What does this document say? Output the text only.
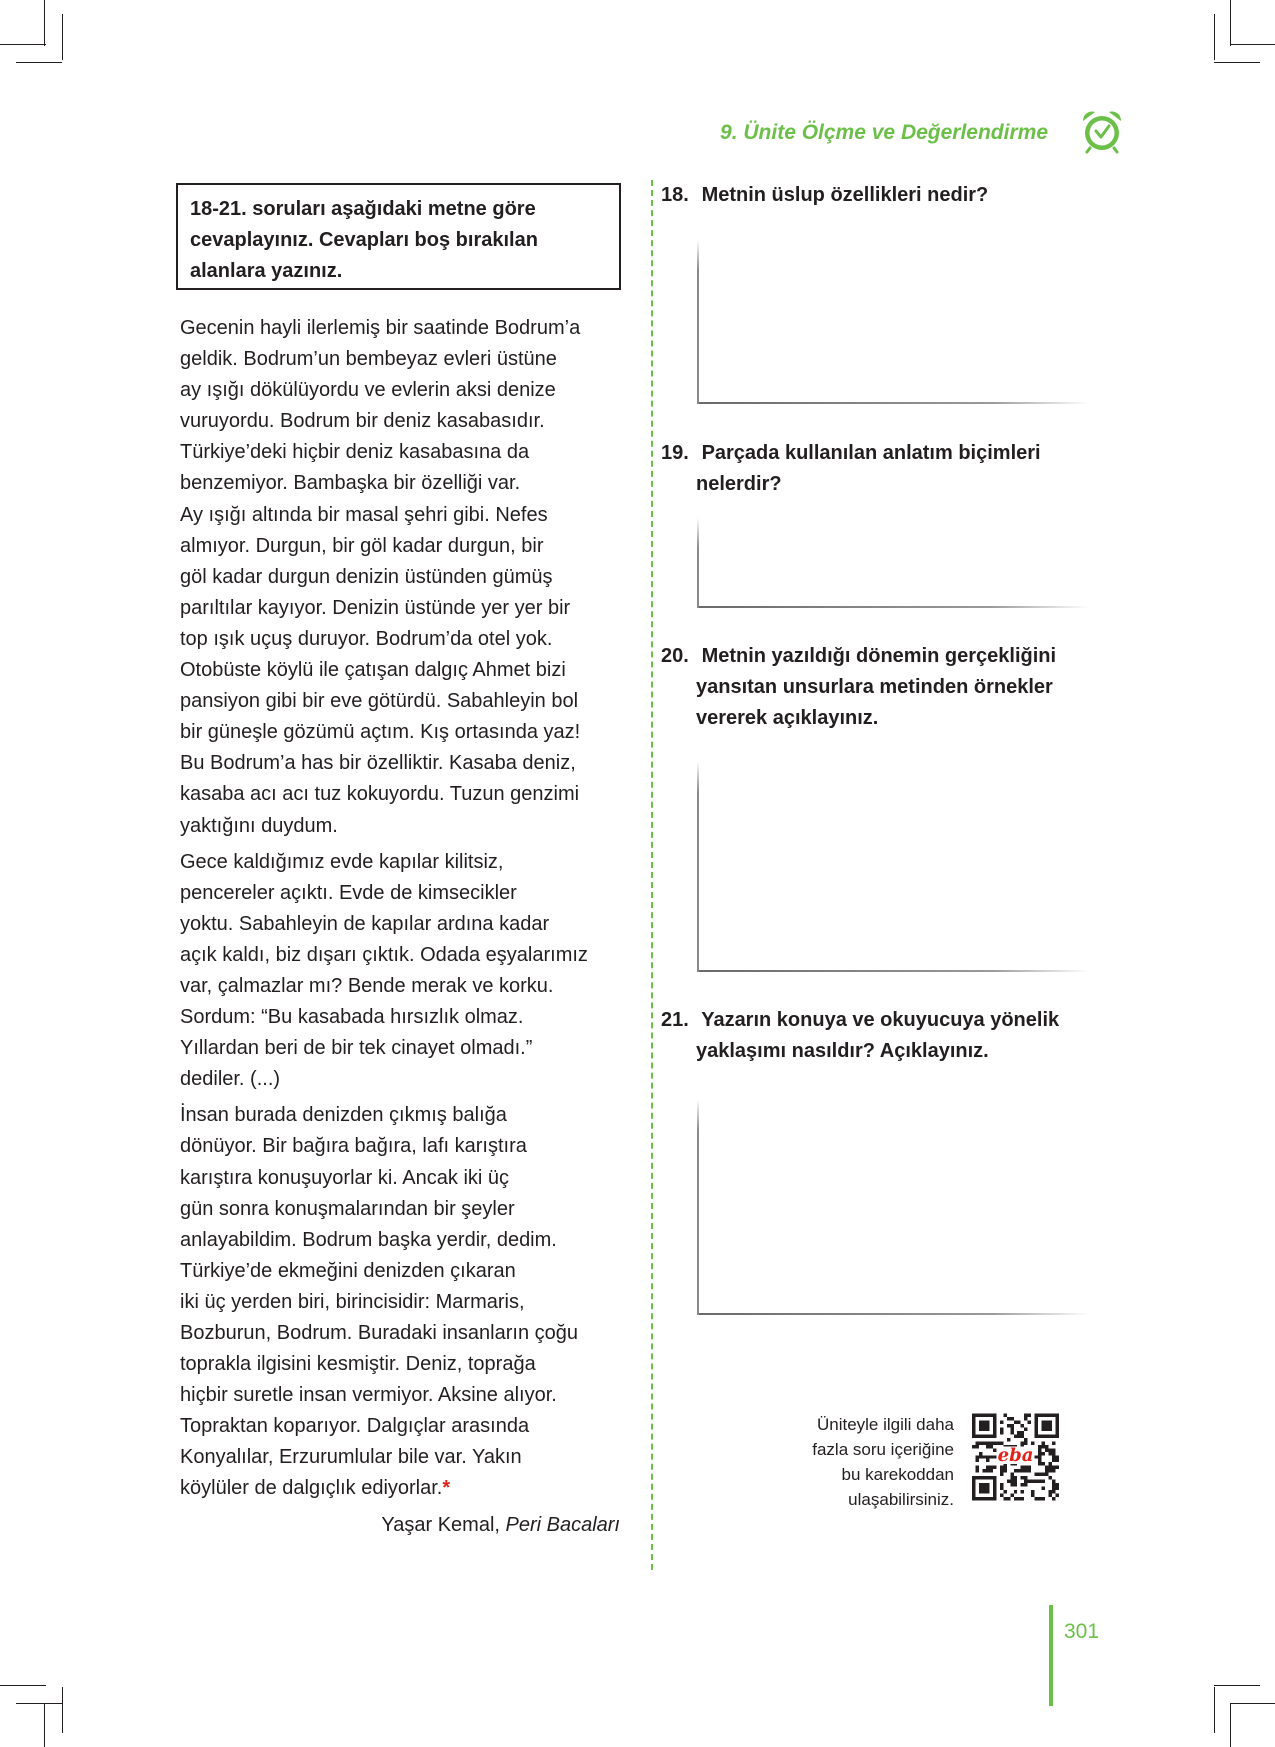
9. Ünite Ölçme ve Değerlendirme
18-21. soruları aşağıdaki metne göre
cevaplayınız. Cevapları boş bırakılan
alanlara yazınız.

Gecenin hayli ilerlemiş bir saatinde Bodrum’a
geldik. Bodrum’un bembeyaz evleri üstüne
ay ışığı dökülüyordu ve evlerin aksi denize
vuruyordu. Bodrum bir deniz kasabasıdır.
Türkiye’deki hiçbir deniz kasabasına da
benzemiyor. Bambaşka bir özelliği var.
Ay ışığı altında bir masal şehri gibi. Nefes
almıyor. Durgun, bir göl kadar durgun, bir
göl kadar durgun denizin üstünden gümüş
parıltılar kayıyor. Denizin üstünde yer yer bir
top ışık uçuş duruyor. Bodrum’da otel yok.
Otobüste köylü ile çatışan dalgıç Ahmet bizi
pansiyon gibi bir eve götürdü. Sabahleyin bol
bir güneşle gözümü açtım. Kış ortasında yaz!
Bu Bodrum’a has bir özelliktir. Kasaba deniz,
kasaba acı acı tuz kokuyordu. Tuzun genzimi
yaktığını duydum.

Gece kaldığımız evde kapılar kilitsiz,
pencereler açıktı. Evde de kimsecikler
yoktu. Sabahleyin de kapılar ardına kadar
açık kaldı, biz dışarı çıktık. Odada eşyalarımız
var, çalmazlar mı? Bende merak ve korku.
Sordum: “Bu kasabada hırsızlık olmaz.
Yıllardan beri de bir tek cinayet olmadı.”
dediler. (...)

İnsan burada denizden çıkmış balığa
dönüyor. Bir bağıra bağıra, lafı karıştıra
karıştıra konuşuyorlar ki. Ancak iki üç
gün sonra konuşmalarından bir şeyler
anlayabildim. Bodrum başka yerdir, dedim.
Türkiye’de ekmeğini denizden çıkaran
iki üç yerden biri, birincisidir: Marmaris,
Bozburun, Bodrum. Buradaki insanların çoğu
toprakla ilgisini kesmiştir. Deniz, toprağa
hiçbir suretle insan vermiyor. Aksine alıyor.
Topraktan koparıyor. Dalgıçlar arasında
Konyalılar, Erzurumlular bile var. Yakın
köylüler de dalgıçlık ediyorlar.*

Yaşar Kemal, Peri Bacaları
18. Metnin üslup özellikleri nedir?
19. Parçada kullanılan anlatım biçimleri
nelerdir?
20. Metnin yazıldığı dönemin gerçekliğini
yansıtan unsurlara metinden örnekler
vererek açıklayınız.
21. Yazarın konuya ve okuyucuya yönelik
yaklaşımı nasıldır? Açıklayınız.
Üniteyle ilgili daha
fazla soru içeriğine
bu karekoddan
ulaşabilirsiniz.
eba
301
